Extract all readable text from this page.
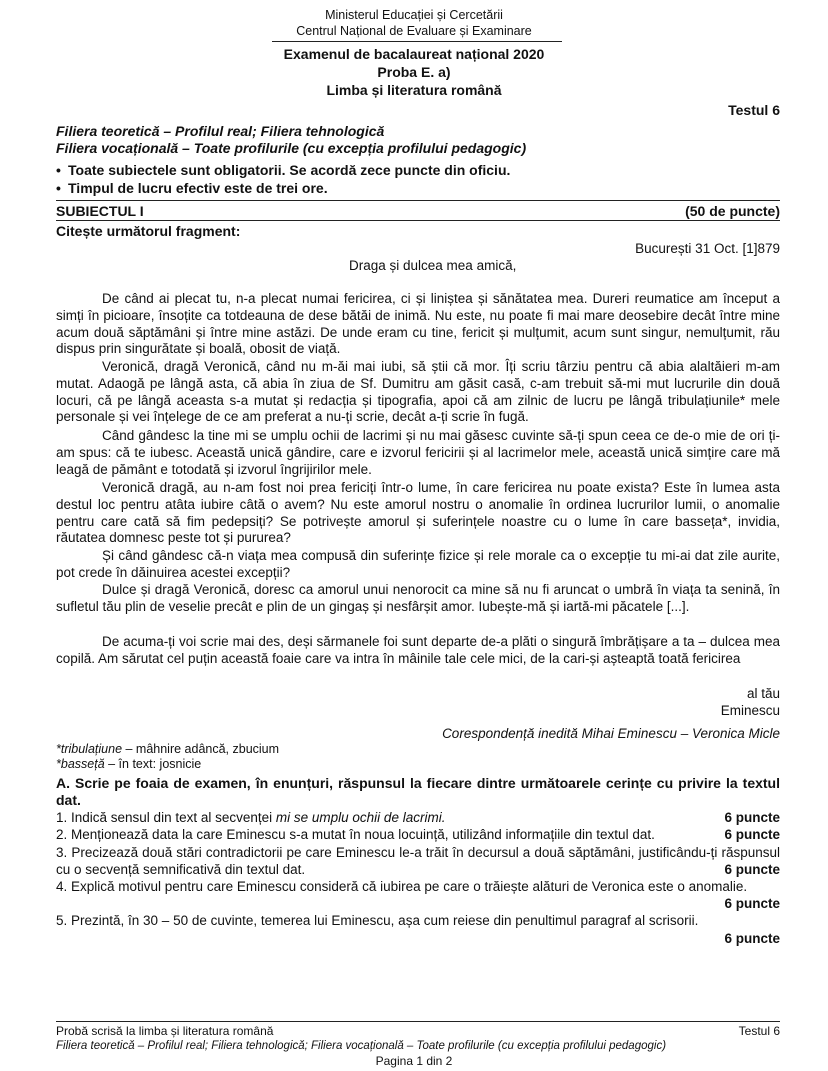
Ministerul Educației și Cercetării
Centrul Național de Evaluare și Examinare
Examenul de bacalaureat național 2020
Proba E. a)
Limba și literatura română
Testul 6
Filiera teoretică – Profilul real; Filiera tehnologică
Filiera vocațională – Toate profilurile (cu excepția profilului pedagogic)
• Toate subiectele sunt obligatorii. Se acordă zece puncte din oficiu.
• Timpul de lucru efectiv este de trei ore.
SUBIECTUL I	(50 de puncte)
Citește următorul fragment:
București 31 Oct. [1]879
Draga și dulcea mea amică,
De când ai plecat tu, n-a plecat numai fericirea, ci și liniștea și sănătatea mea. Dureri reumatice am început a simți în picioare, însoțite ca totdeauna de dese bătăi de inimă. Nu este, nu poate fi mai mare deosebire decât între mine acum două săptămâni și între mine astăzi. De unde eram cu tine, fericit și mulțumit, acum sunt singur, nemulțumit, rău dispus prin singurătate și boală, obosit de viață.
Veronică, dragă Veronică, când nu m-ăi mai iubi, să știi că mor. Îți scriu târziu pentru că abia alaltăieri m-am mutat. Adaogă pe lângă asta, că abia în ziua de Sf. Dumitru am găsit casă, c-am trebuit să-mi mut lucrurile din două locuri, că pe lângă aceasta s-a mutat și redacția și tipografia, apoi că am zilnic de lucru pe lângă tribulațiunile* mele personale și vei înțelege de ce am preferat a nu-ți scrie, decât a-ți scrie în fugă.
Când gândesc la tine mi se umplu ochii de lacrimi și nu mai găsesc cuvinte să-ți spun ceea ce de-o mie de ori ți-am spus: că te iubesc. Această unică gândire, care e izvorul fericirii și al lacrimelor mele, această unică simțire care mă leagă de pământ e totodată și izvorul îngrijirilor mele.
Veronică dragă, au n-am fost noi prea fericiți într-o lume, în care fericirea nu poate exista? Este în lumea asta destul loc pentru atâta iubire câtă o avem? Nu este amorul nostru o anomalie în ordinea lucrurilor lumii, o anomalie pentru care cată să fim pedepsiți? Se potrivește amorul și suferințele noastre cu o lume în care basseța*, invidia, răutatea domnesc peste tot și pururea?
Și când gândesc că-n viața mea compusă din suferințe fizice și rele morale ca o excepție tu mi-ai dat zile aurite, pot crede în dăinuirea acestei excepții?
Dulce și dragă Veronică, doresc ca amorul unui nenorocit ca mine să nu fi aruncat o umbră în viața ta senină, în sufletul tău plin de veselie precât e plin de un gingaș și nesfârșit amor. Iubește-mă și iartă-mi păcatele [...].
De acuma-ți voi scrie mai des, deși sărmanele foi sunt departe de-a plăti o singură îmbrățișare a ta – dulcea mea copilă. Am sărutat cel puțin această foaie care va intra în mâinile tale cele mici, de la cari-și așteaptă toată fericirea
al tău
Eminescu
Corespondență inedită Mihai Eminescu – Veronica Micle
*tribulațiune – mâhnire adâncă, zbucium
*basseță – în text: josnicie
A. Scrie pe foaia de examen, în enunțuri, răspunsul la fiecare dintre următoarele cerințe cu privire la textul dat.
6 puncte
1. Indică sensul din text al secvenței mi se umplu ochii de lacrimi.
6 puncte
2. Menționează data la care Eminescu s-a mutat în noua locuință, utilizând informațiile din textul dat.
3. Precizează două stări contradictorii pe care Eminescu le-a trăit în decursul a două săptămâni, justificându-ți răspunsul cu o secvență semnificativă din textul dat.	6 puncte
4. Explică motivul pentru care Eminescu consideră că iubirea pe care o trăiește alături de Veronica este o anomalie.
6 puncte
5. Prezintă, în 30 – 50 de cuvinte, temerea lui Eminescu, așa cum reiese din penultimul paragraf al scrisorii.
6 puncte
Probă scrisă la limba și literatura română	Testul 6
Filiera teoretică – Profilul real; Filiera tehnologică; Filiera vocațională – Toate profilurile (cu excepția profilului pedagogic)
Pagina 1 din 2
